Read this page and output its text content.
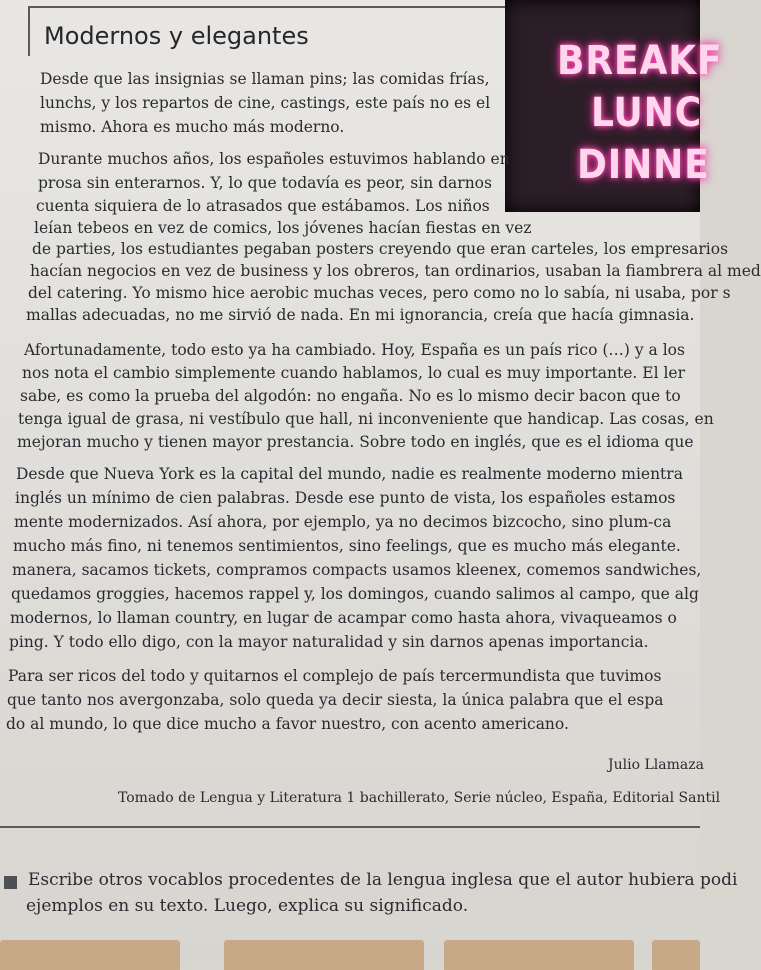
BREAKF
LUNC
DINNE
Modernos y elegantes
Desde que las insignias se llaman pins; las comidas frías,
lunchs, y los repartos de cine, castings, este país no es el
mismo. Ahora es mucho más moderno.
Durante muchos años, los españoles estuvimos hablando en
prosa sin enterarnos. Y, lo que todavía es peor, sin darnos
cuenta siquiera de lo atrasados que estábamos. Los niños
leían tebeos en vez de comics, los jóvenes hacían fiestas en vez
de parties, los estudiantes pegaban posters creyendo que eran carteles, los empresarios
hacían negocios en vez de business y los obreros, tan ordinarios, usaban la fiambrera al med
del catering. Yo mismo hice aerobic muchas veces, pero como no lo sabía, ni usaba, por s
mallas adecuadas, no me sirvió de nada. En mi ignorancia, creía que hacía gimnasia.
Afortunadamente, todo esto ya ha cambiado. Hoy, España es un país rico (…) y a los
nos nota el cambio simplemente cuando hablamos, lo cual es muy importante. El ler
sabe, es como la prueba del algodón: no engaña. No es lo mismo decir bacon que to
tenga igual de grasa, ni vestíbulo que hall, ni inconveniente que handicap. Las cosas, en
mejoran mucho y tienen mayor prestancia. Sobre todo en inglés, que es el idioma que
Desde que Nueva York es la capital del mundo, nadie es realmente moderno mientra
inglés un mínimo de cien palabras. Desde ese punto de vista, los españoles estamos
mente modernizados. Así ahora, por ejemplo, ya no decimos bizcocho, sino plum-ca
mucho más fino, ni tenemos sentimientos, sino feelings, que es mucho más elegante.
manera, sacamos tickets, compramos compacts usamos kleenex, comemos sandwiches,
quedamos groggies, hacemos rappel y, los domingos, cuando salimos al campo, que alg
modernos, lo llaman country, en lugar de acampar como hasta ahora, vivaqueamos o
ping. Y todo ello digo, con la mayor naturalidad y sin darnos apenas importancia.
Para ser ricos del todo y quitarnos el complejo de país tercermundista que tuvimos
que tanto nos avergonzaba, solo queda ya decir siesta, la única palabra que el espa
do al mundo, lo que dice mucho a favor nuestro, con acento americano.
Julio Llamaza
Tomado de Lengua y Literatura 1 bachillerato, Serie núcleo, España, Editorial Santil
Escribe otros vocablos procedentes de la lengua inglesa que el autor hubiera podi
ejemplos en su texto. Luego, explica su significado.
